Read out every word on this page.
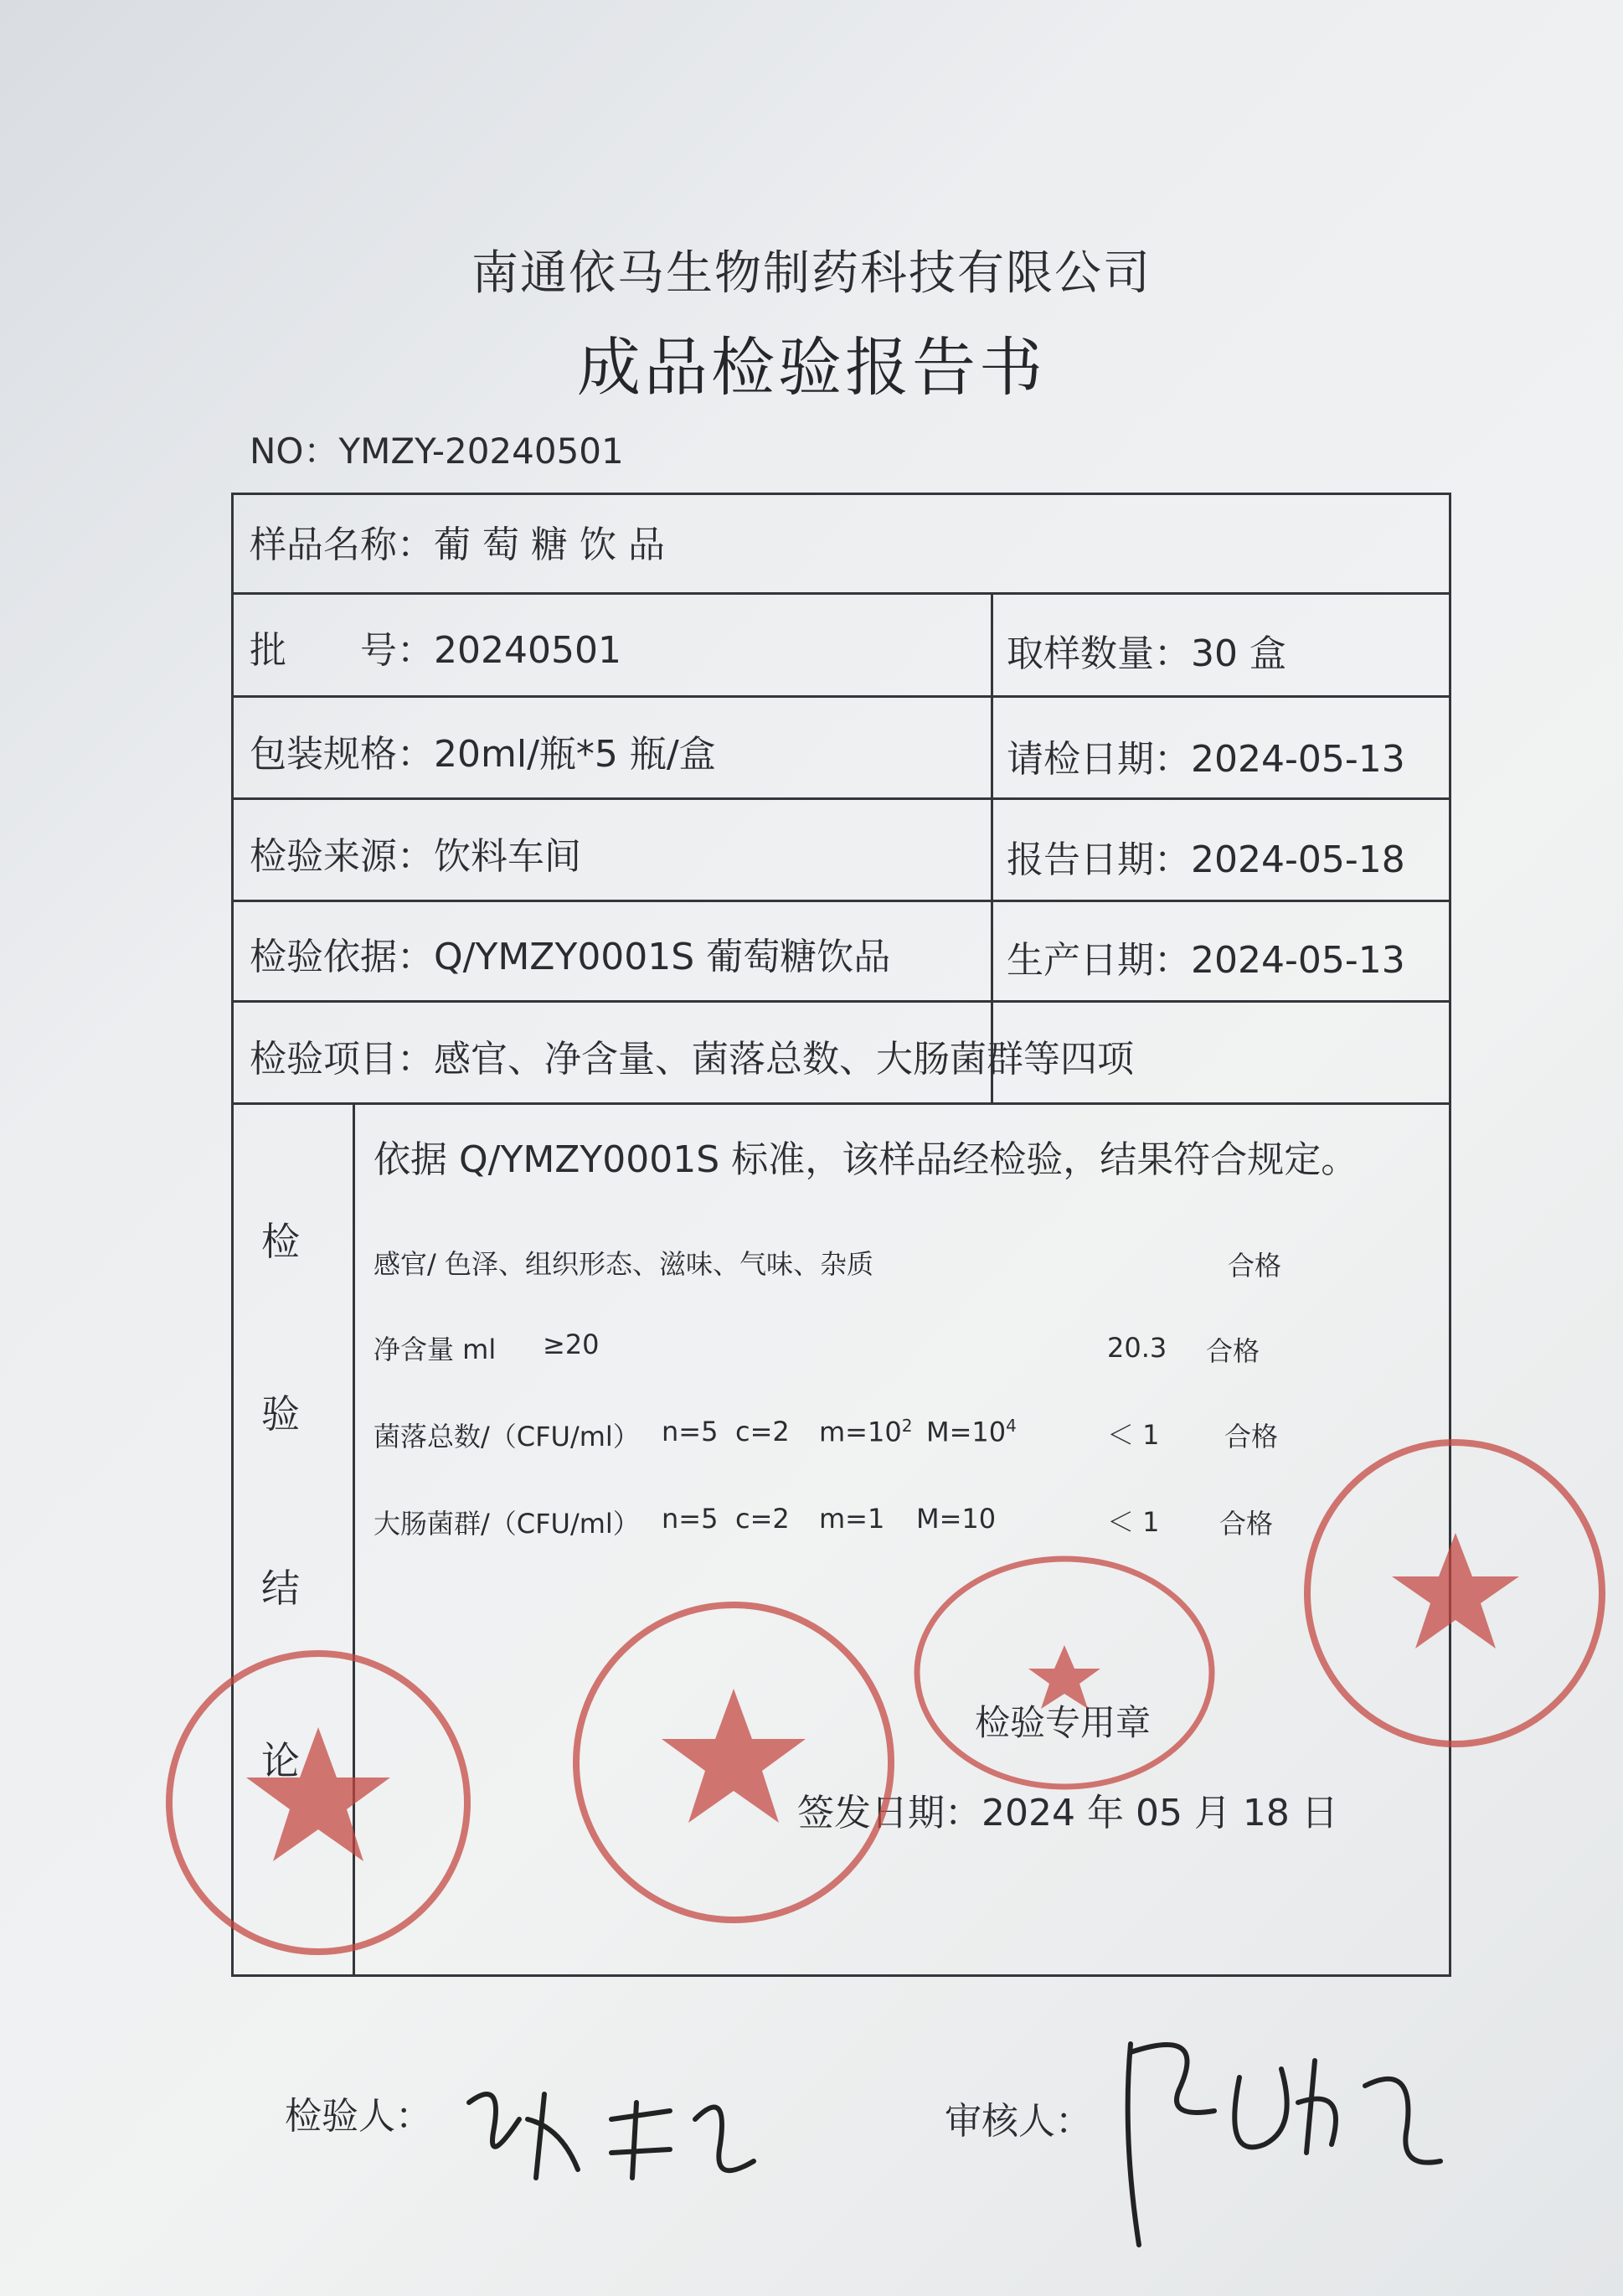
南通依马生物制药科技有限公司
成品检验报告书
NO：YMZY-20240501
样品名称：葡 萄 糖 饮 品
批　　号：20240501	取样数量：30 盒
包装规格：20ml/瓶*5 瓶/盒	请检日期：2024-05-13
检验来源：饮料车间	报告日期：2024-05-18
检验依据：Q/YMZY0001S 葡萄糖饮品	生产日期：2024-05-13
检验项目：感官、净含量、菌落总数、大肠菌群等四项
检
验
结
论
依据 Q/YMZY0001S 标准，该样品经检验，结果符合规定。
感官/ 色泽、组织形态、滋味、气味、杂质	合格
净含量 ml ≥20	20.3 合格
菌落总数/（CFU/ml） n=5 c=2 $m=10^2$ $M=10^4$	＜ 1 合格
大肠菌群/（CFU/ml） n=5 c=2 m=1 M=10	＜ 1 合格
检验专用章
签发日期：2024 年 05 月 18 日
检验人：	审核人：
